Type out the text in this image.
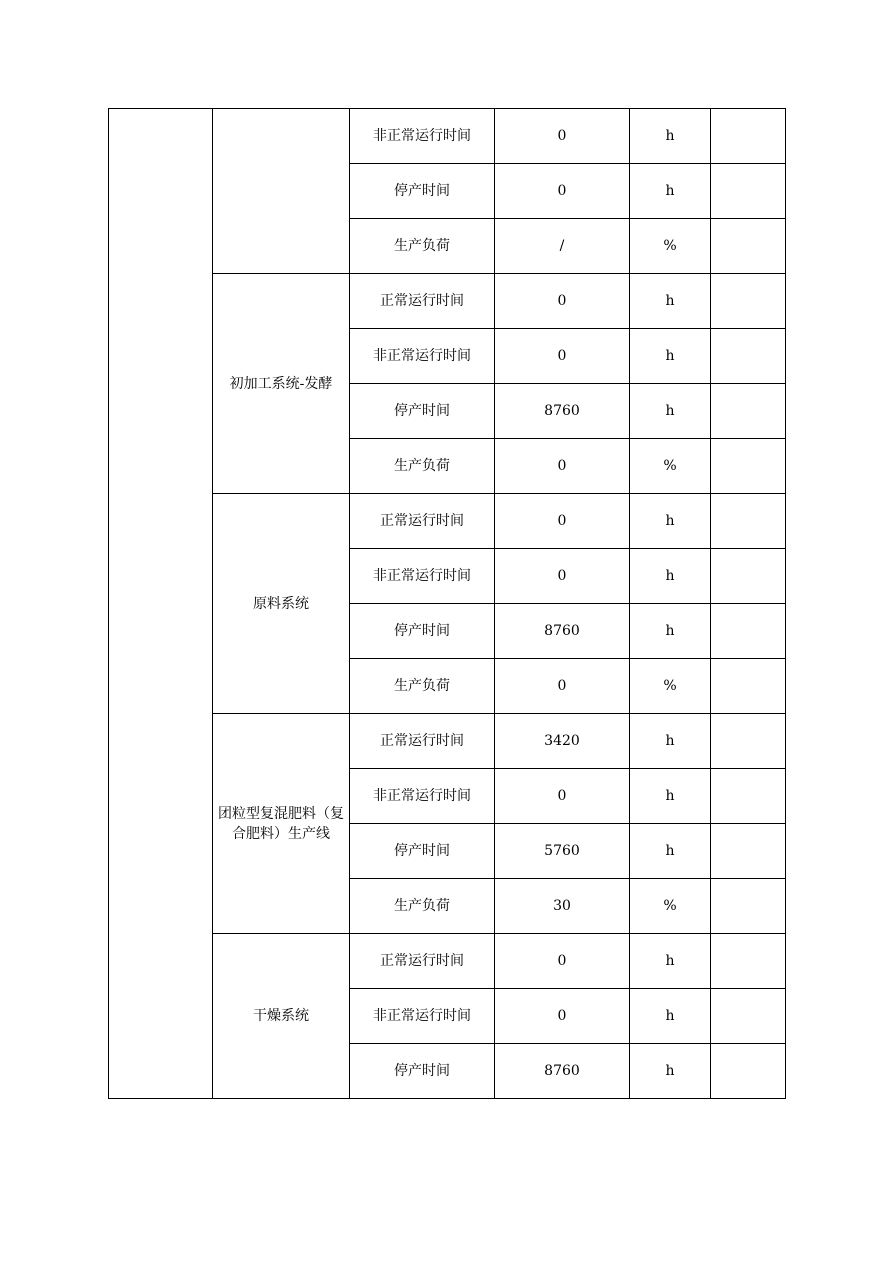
		非正常运行时间	0	h	
		停产时间	0	h	
		生产负荷	/	%	
	初加工系统-发酵	正常运行时间	0	h	
		非正常运行时间	0	h	
		停产时间	8760	h	
		生产负荷	0	%	
	原料系统	正常运行时间	0	h	
		非正常运行时间	0	h	
		停产时间	8760	h	
		生产负荷	0	%	
	团粒型复混肥料（复合肥料）生产线	正常运行时间	3420	h	
		非正常运行时间	0	h	
		停产时间	5760	h	
		生产负荷	30	%	
	干燥系统	正常运行时间	0	h	
		非正常运行时间	0	h	
		停产时间	8760	h	
